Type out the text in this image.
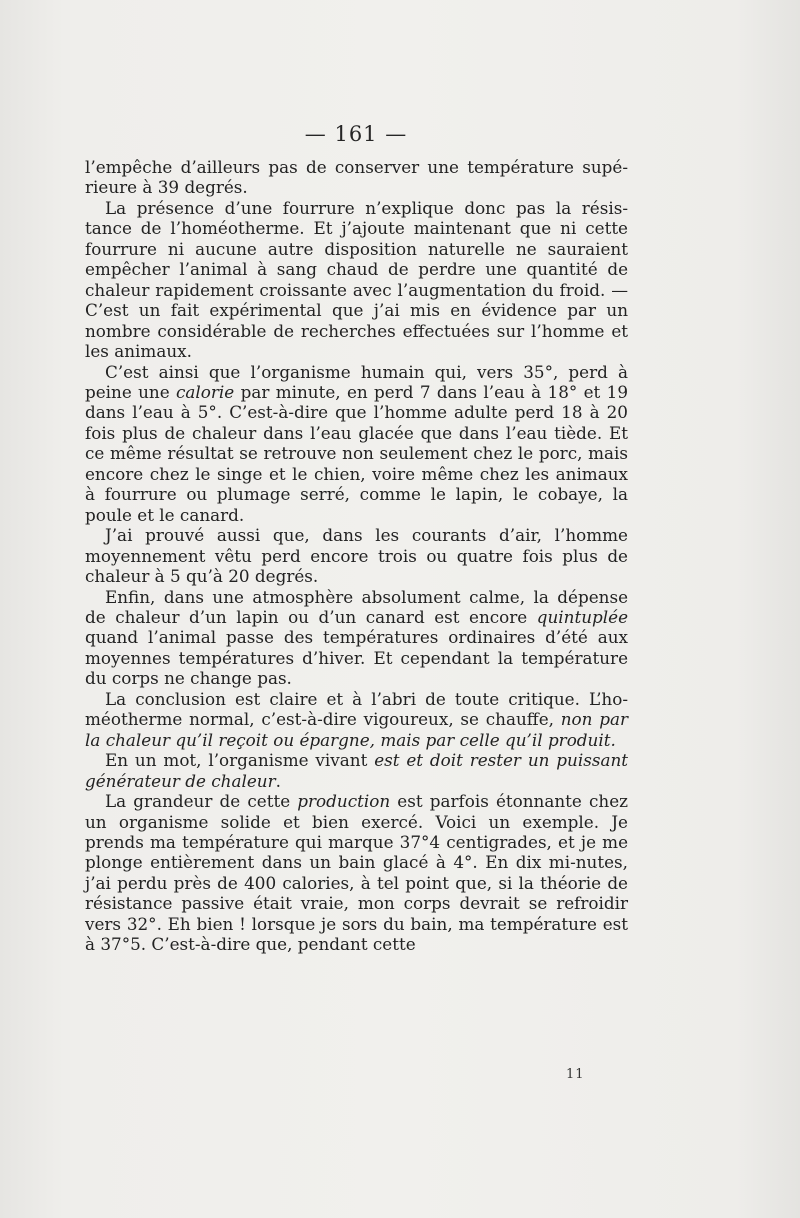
— 161 —

l’empêche d’ailleurs pas de conserver une température supé-rieure à 39 degrés.

La présence d’une fourrure n’explique donc pas la résis-tance de l’homéotherme. Et j’ajoute maintenant que ni cette fourrure ni aucune autre disposition naturelle ne sauraient empêcher l’animal à sang chaud de perdre une quantité de chaleur rapidement croissante avec l’augmentation du froid. — C’est un fait expérimental que j’ai mis en évidence par un nombre considérable de recherches effectuées sur l’homme et les animaux.

C’est ainsi que l’organisme humain qui, vers 35°, perd à peine une calorie par minute, en perd 7 dans l’eau à 18° et 19 dans l’eau à 5°. C’est-à-dire que l’homme adulte perd 18 à 20 fois plus de chaleur dans l’eau glacée que dans l’eau tiède. Et ce même résultat se retrouve non seulement chez le porc, mais encore chez le singe et le chien, voire même chez les animaux à fourrure ou plumage serré, comme le lapin, le cobaye, la poule et le canard.

J’ai prouvé aussi que, dans les courants d’air, l’homme moyennement vêtu perd encore trois ou quatre fois plus de chaleur à 5 qu’à 20 degrés.

Enfin, dans une atmosphère absolument calme, la dépense de chaleur d’un lapin ou d’un canard est encore quintuplée quand l’animal passe des températures ordinaires d’été aux moyennes températures d’hiver. Et cependant la température du corps ne change pas.

La conclusion est claire et à l’abri de toute critique. L’ho-méotherme normal, c’est-à-dire vigoureux, se chauffe, non par la chaleur qu’il reçoit ou épargne, mais par celle qu’il produit.

En un mot, l’organisme vivant est et doit rester un puissant générateur de chaleur.

La grandeur de cette production est parfois étonnante chez un organisme solide et bien exercé. Voici un exemple. Je prends ma température qui marque 37°4 centigrades, et je me plonge entièrement dans un bain glacé à 4°. En dix mi-nutes, j’ai perdu près de 400 calories, à tel point que, si la théorie de résistance passive était vraie, mon corps devrait se refroidir vers 32°. Eh bien ! lorsque je sors du bain, ma température est à 37°5. C’est-à-dire que, pendant cette

11
